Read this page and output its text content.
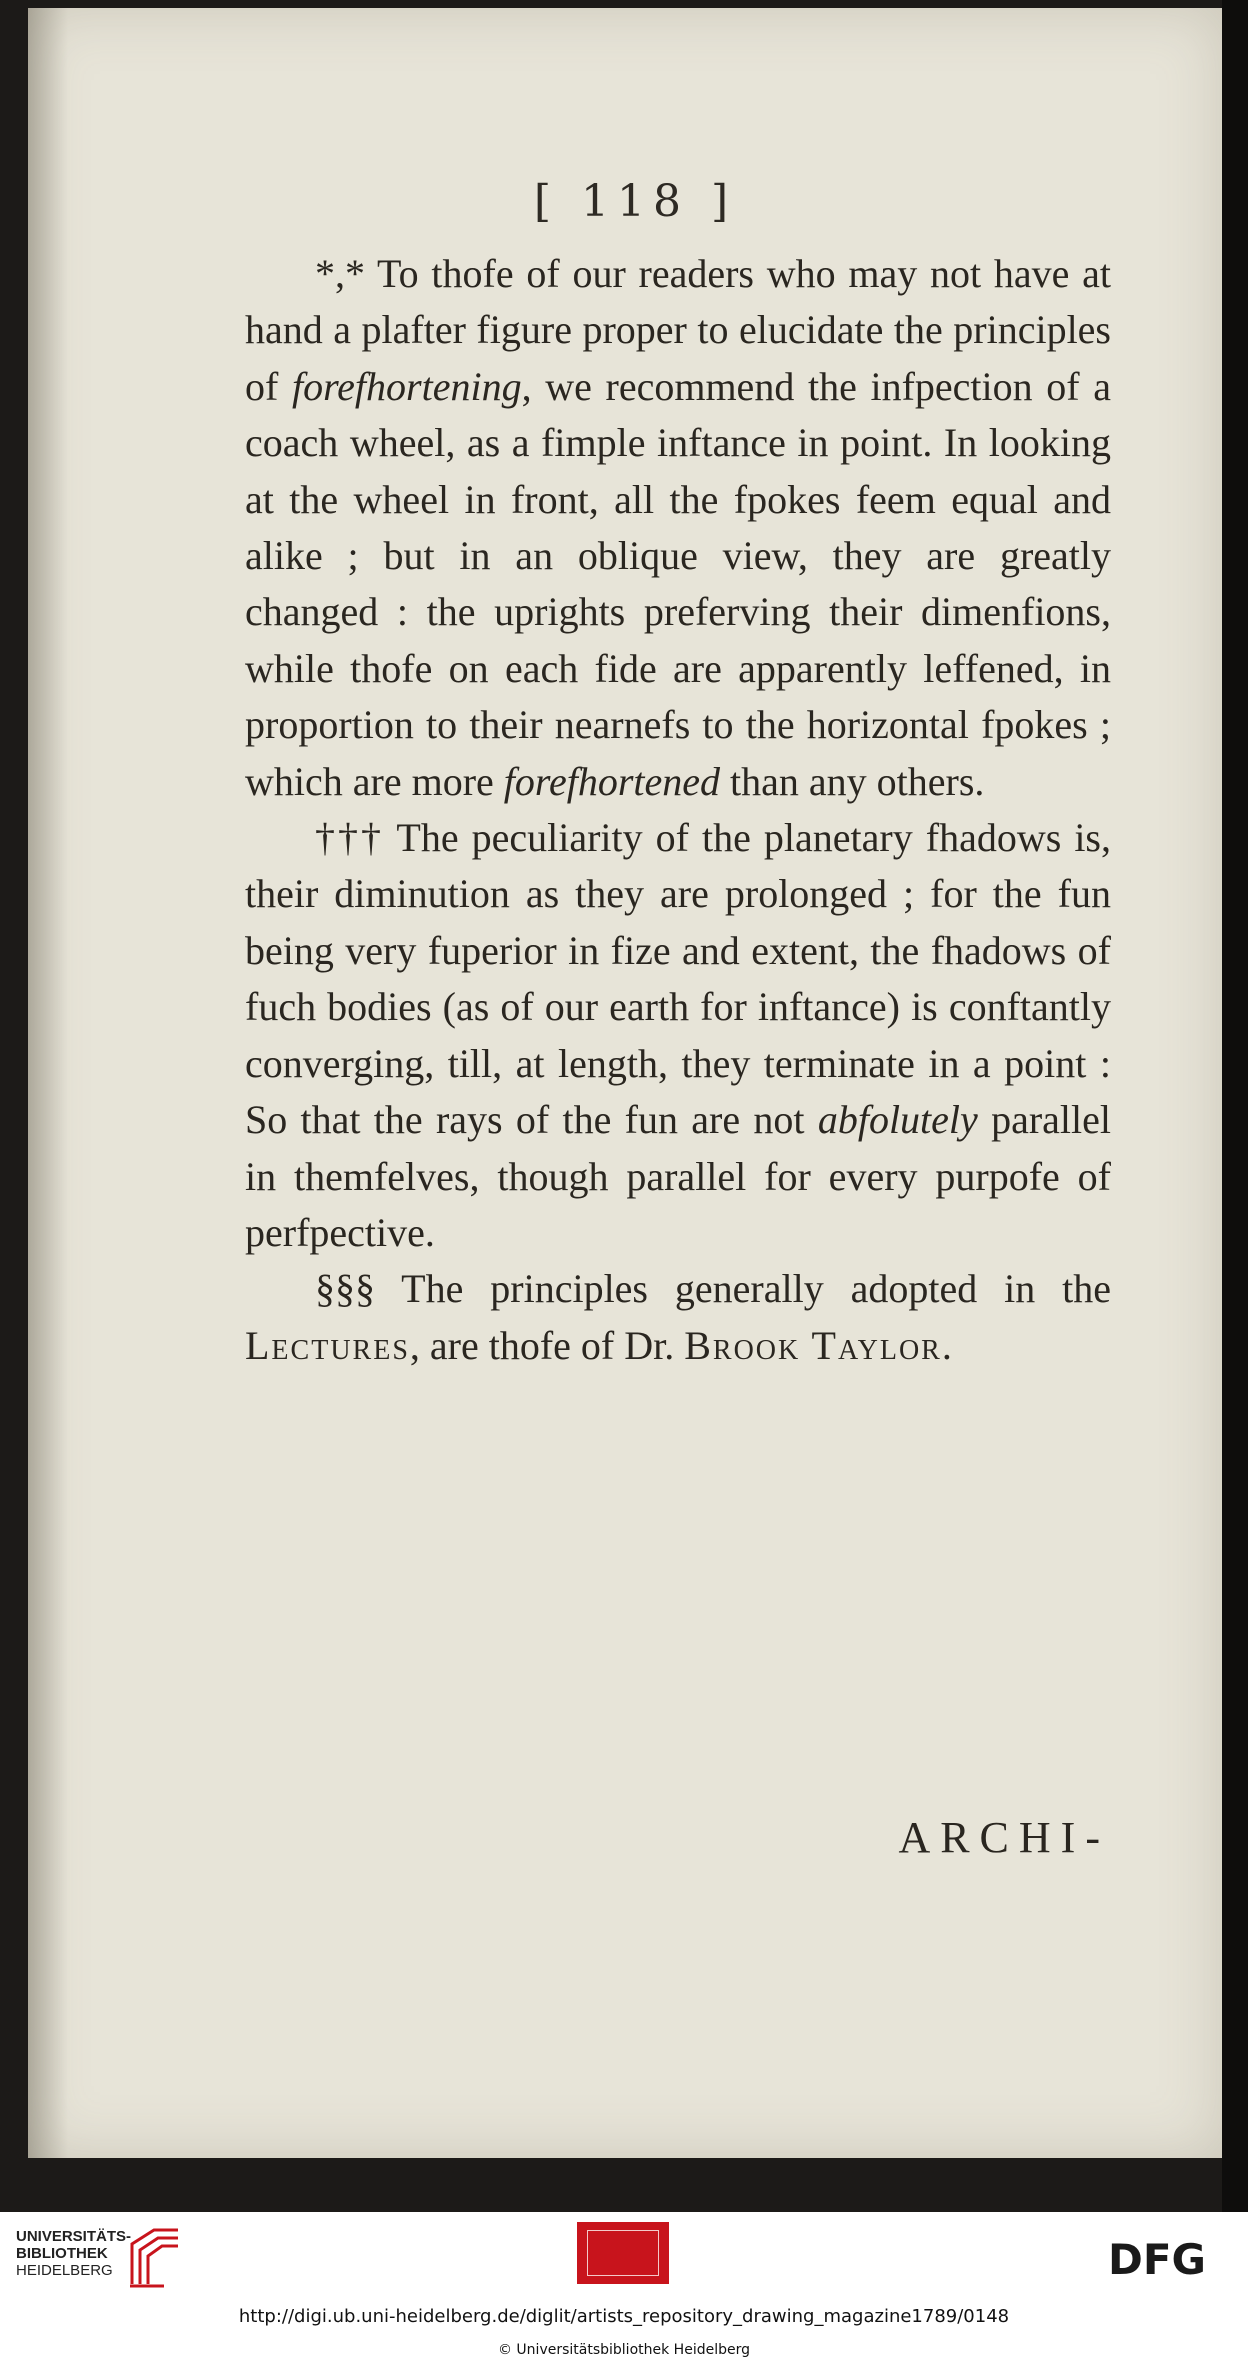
[ 118 ]

*,* To thofe of our readers who may not have at hand a plafter figure proper to elucidate the principles of forefhortening, we recommend the infpection of a coach wheel, as a fimple inftance in point. In looking at the wheel in front, all the fpokes feem equal and alike ; but in an oblique view, they are greatly changed : the uprights preferving their dimenfions, while thofe on each fide are apparently leffened, in proportion to their nearnefs to the horizontal fpokes ; which are more forefhortened than any others.

††† The peculiarity of the planetary fhadows is, their diminution as they are prolonged ; for the fun being very fuperior in fize and extent, the fhadows of fuch bodies (as of our earth for inftance) is conftantly converging, till, at length, they terminate in a point : So that the rays of the fun are not abfolutely parallel in themfelves, though parallel for every purpofe of perfpective.

§§§ The principles generally adopted in the Lectures, are thofe of Dr. Brook Taylor.

ARCHI-
UNIVERSITÄTS-
BIBLIOTHEK
HEIDELBERG	DFG
http://digi.ub.uni-heidelberg.de/diglit/artists_repository_drawing_magazine1789/0148
© Universitätsbibliothek Heidelberg
